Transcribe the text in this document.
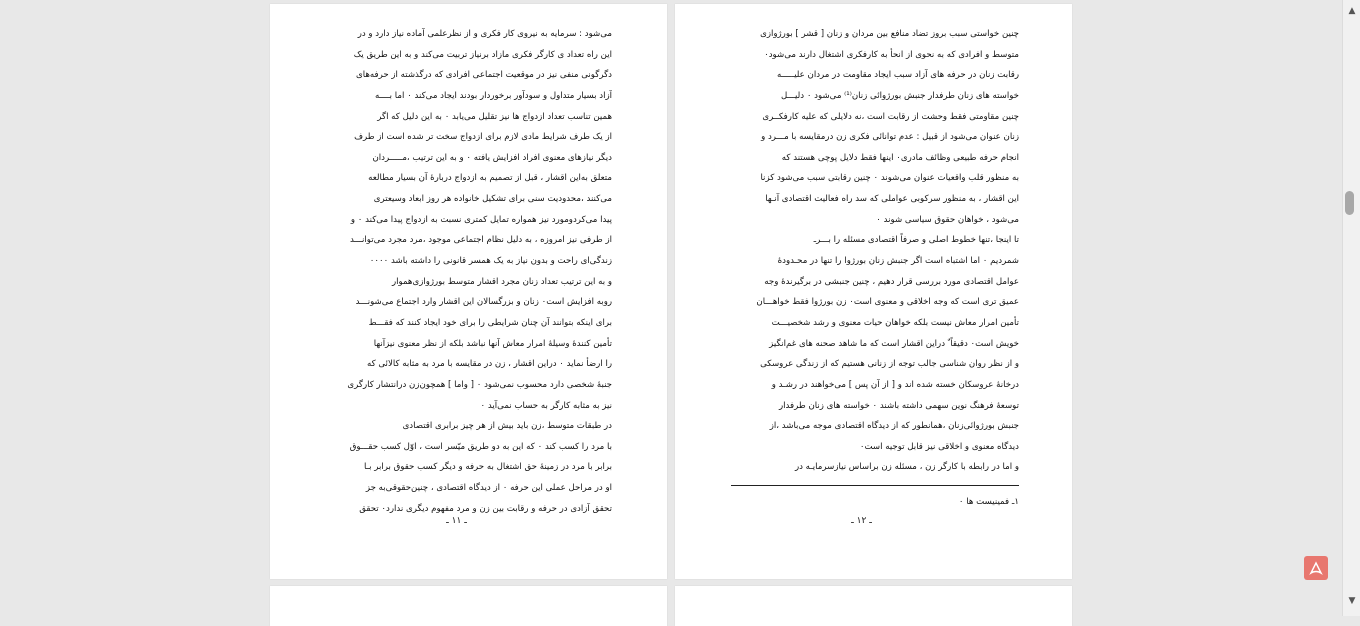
می‌شود : سرمایه به نیروی کار فکری و از نظرعلمی آماده نیاز دارد و در
این راه تعداد ی کارگر فکری مازاد برنیاز تربیت می‌کند و به این طریق یک
دگرگونی منفی نیز در موقعیت اجتماعی افرادی که درگذشته از حرفه‌های
آزاد بسیار متداول و سودآور برخوردار بودند ایجاد می‌کند ٠ اما بــــه
همین تناسب تعداد ازدواج ها نیز تقلیل می‌یابد ٠ به این دلیل که اگر
از یک طرف شرایط مادی لازم برای ازدواج سخت تر شده است از طرف
دیگر نیازهای معنوی افراد افزایش یافته ٠ و به این ترتیب ،مـــــردان
متعلق به‌این اقشار ، قبل از تصمیم به ازدواج درباره‌ٔ آن بسیار مطالعه
می‌کنند ،محدودیت سنی برای تشکیل خانواده هر روز ابعاد وسیعتری
پیدا می‌کرد‌‌‌ومورد نیز همواره تمایل کمتری نسبت به ازدواج پیدا می‌کند ٠ و
از طرفی نیز امروزه ، به دلیل نظام اجتماعی موجود ،مرد مجرد می‌توانـــد
زندگی‌ای راحت و بدون نیاز به یک همسر قانونی را داشته باشد ٠٠٠٠
و به این ترتیب تعداد زنان مجرد اقشار متوسط بورژوازی‌هموار
روبه افزایش است٠ زنان و بزرگسالان این اقشار وارد اجتماع می‌شونـــد
برای اینکه بتوانند آن چنان شرایطی را برای خود ایجاد کنند که فقـــط
تأمین کننده‌ٔ وسیله‌ٔ امرار معاش آنها نباشد بلکه از نظر معنوی نیزآنها
را ارضا‌ٔ نماید ٠ دراین اقشار ، زن در مقایسه با مرد به مثابه کالائی که
جنبه‌ٔ شخصی دارد محسوب نمی‌شود ٠ [ واما ] همچون‌زن درانتشار کارگری
نیز به مثابه کارگر به حساب نمی‌آید ٠
در طبقات متوسط ،زن باید بیش از هر چیز برابری اقتصادی
با مرد را کسب کند ٠ که این به دو طریق میّسر است ، اوّل کسب حقـــوق
برابر با مرد در زمینه‌ٔ حق اشتغال به حرفه و دیگر کسب حقوق برابر بـا
او در مراحل عملی این حرفه ٠ از دیدگاه اقتصادی ، چنین‌حقوقی‌به جز
تحقق آزادی در حرفه و رقابت بین زن و مرد مفهوم دیگری ندارد٠ تحقق
ـ ١١ ـ
چنین خواستی سبب بروز تضاد منافع بین مردان و زنان [ قشر ] بورژوازی
متوسط و افرادی که به نحوی از انحا‌ٔ به کارفکری اشتغال دارند می‌شود٠
رقابت زنان در حرفه های آزاد سبب ایجاد مقاومت در مردان علیـــــه
خواسته های زنان طرفدار جنبش بورژوائی زنان⁽¹⁾ می‌شود ٠ دلیـــل
چنین مقاومتی فقط وحشت از رقابت است ،نه دلایلی که علیه کارفکــری
زنان عنوان می‌شود از قبیل : عدم توانائی فکری زن درمقایسه با مـــرد و
انجام حرفه طبیعی وظائف مادری٠ اینها فقط دلایل پوچی هستند که
به منظور قلب واقعیات عنوان می‌شوند ٠ چنین رقابتی سبب می‌شود کزنا
این اقشار ، به منظور سرکوبی عواملی که سد راه فعالیت اقتصادی آنـها
می‌شود ، خواهان حقوق سیاسی شوند ٠
تا اینجا ،تنها خطوط اصلی و صرفاً اقتصادی مسئله را بـــرـ
شمردیم ٠ اما اشتباه است اگر جنبش زنان بورژوا را تنها در محـدوده‌ٔ
عوامل اقتصادی مورد بررسی قرار دهیم ، چنین جنبشی در بر‌گیرنده‌ٔ وجه
عمیق تری است که وجه اخلاقی و معنوی است٠ زن بورژوا فقط خواهـــان
تأمین امرار معاش نیست بلکه خواهان حیات معنوی و رشد شخصیـــت
خویش است٠ دقیقاً ٌ دراین اقشار است که ما شاهد صحنه های غم‌انگیز
و از نظر روان شناسی جالب توجه از زنانی هستیم که از زندگی عروسکی
درخانه‌ٔ عروسکان خسته شده اند و [ از آن پس ] می‌خواهند در رشـد و
توسعه‌ٔ فرهنگ نوین سهمی داشته باشند ٠ خواسته های زنان طرفدار
جنبش بورژوائی‌زنان ،هما‌نطور که از دیدگاه اقتصادی موجه می‌باشد ،از
دیدگاه معنوی و اخلاقی نیز قابل توجیه است٠
و اما در رابطه با کارگر زن ، مسئله زن براساس نیازسرمایـه در
١ـ فمینیست ها ٠
ـ ١٢ ـ
▲
▼
